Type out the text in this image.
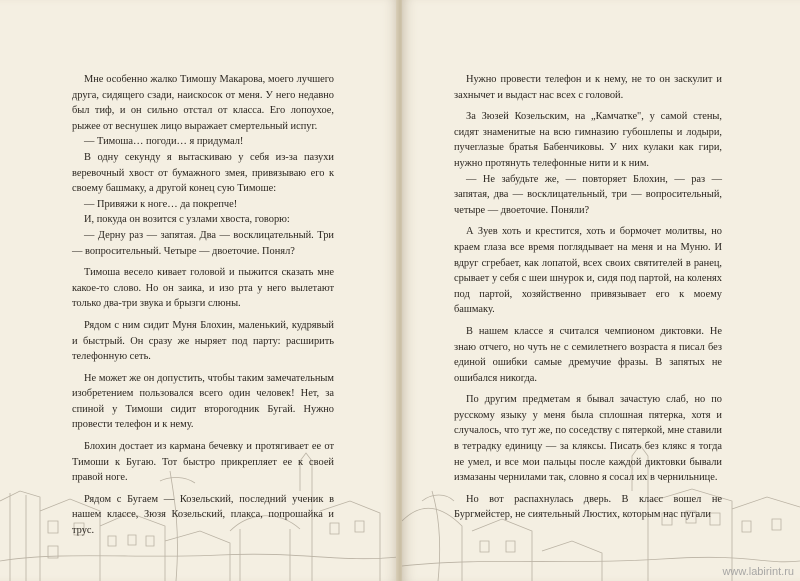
Мне особенно жалко Тимошу Макарова, моего лучшего друга, сидящего сзади, наискосок от меня. У него недавно был тиф, и он сильно отстал от класса. Его лопоухое, рыжее от веснушек лицо выражает смертельный испуг.

— Тимоша… погоди… я придумал!

В одну секунду я вытаскиваю у себя из-за пазухи веревочный хвост от бумажного змея, привязываю его к своему башмаку, а другой конец сую Тимоше:

— Привяжи к ноге… да покрепче!

И, покуда он возится с узлами хвоста, говорю:

— Дерну раз — запятая. Два — восклицательный. Три — вопросительный. Четыре — двоеточие. Понял?

Тимоша весело кивает головой и пыжится сказать мне какое-то слово. Но он заика, и изо рта у него вылетают только два-три звука и брызги слюны.

Рядом с ним сидит Муня Блохин, маленький, кудрявый и быстрый. Он сразу же ныряет под парту: расширить телефонную сеть.

Не может же он допустить, чтобы таким замечательным изобретением пользовался всего один человек! Нет, за спиной у Тимоши сидит второгодник Бугай. Нужно провести телефон и к нему.

Блохин достает из кармана бечевку и протягивает ее от Тимоши к Бугаю. Тот быстро прикрепляет ее к своей правой ноге.

Рядом с Бугаем — Козельский, последний ученик в нашем классе, Зюзя Козельский, плакса, попрошайка и трус.

Нужно провести телефон и к нему, не то он заскулит и захнычет и выдаст нас всех с головой.

За Зюзей Козельским, на „Камчатке", у самой стены, сидят знаменитые на всю гимназию губошлепы и лодыри, пучеглазые братья Бабенчиковы. У них кулаки как гири, нужно протянуть телефонные нити и к ним.

— Не забудьте же, — повторяет Блохин, — раз — запятая, два — восклицательный, три — вопросительный, четыре — двоеточие. Поняли?

А Зуев хоть и крестится, хоть и бормочет молитвы, но краем глаза все время поглядывает на меня и на Муню. И вдруг сгребает, как лопатой, всех своих святителей в ранец, срывает у себя с шеи шнурок и, сидя под партой, на коленях под партой, хозяйственно привязывает его к моему башмаку.

В нашем классе я считался чемпионом диктовки. Не знаю отчего, но чуть не с семилетнего возраста я писал без единой ошибки самые дремучие фразы. В запятых не ошибался никогда.

По другим предметам я бывал зачастую слаб, но по русскому языку у меня была сплошная пятерка, хотя и случалось, что тут же, по соседству с пятеркой, мне ставили в тетрадку единицу — за кляксы. Писать без клякс я тогда не умел, и все мои пальцы после каждой диктовки бывали измазаны чернилами так, словно я сосал их в чернильнице.

Но вот распахнулась дверь. В класс вошел не Бургмейстер, не сиятельный Люстих, которым нас пугали

www.labirint.ru
